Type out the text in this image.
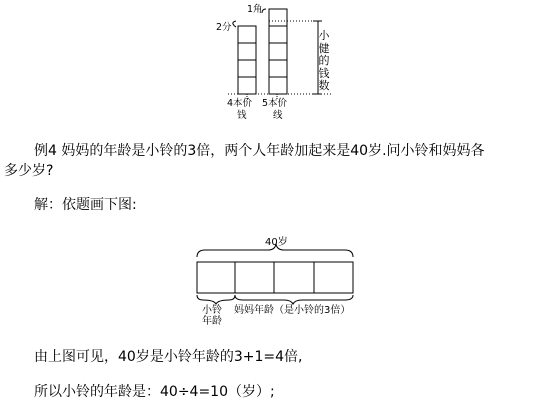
1角
2分
小健的钱数
4本价
钱
5本价
线
例4 妈妈的年龄是小铃的3倍，两个人年龄加起来是40岁.问小铃和妈妈各
多少岁?
解：依题画下图:
40岁
小铃
年龄
妈妈年龄（是小铃的3倍）
由上图可见，40岁是小铃年龄的3+1=4倍,
所以小铃的年龄是：40÷4=10（岁）;
